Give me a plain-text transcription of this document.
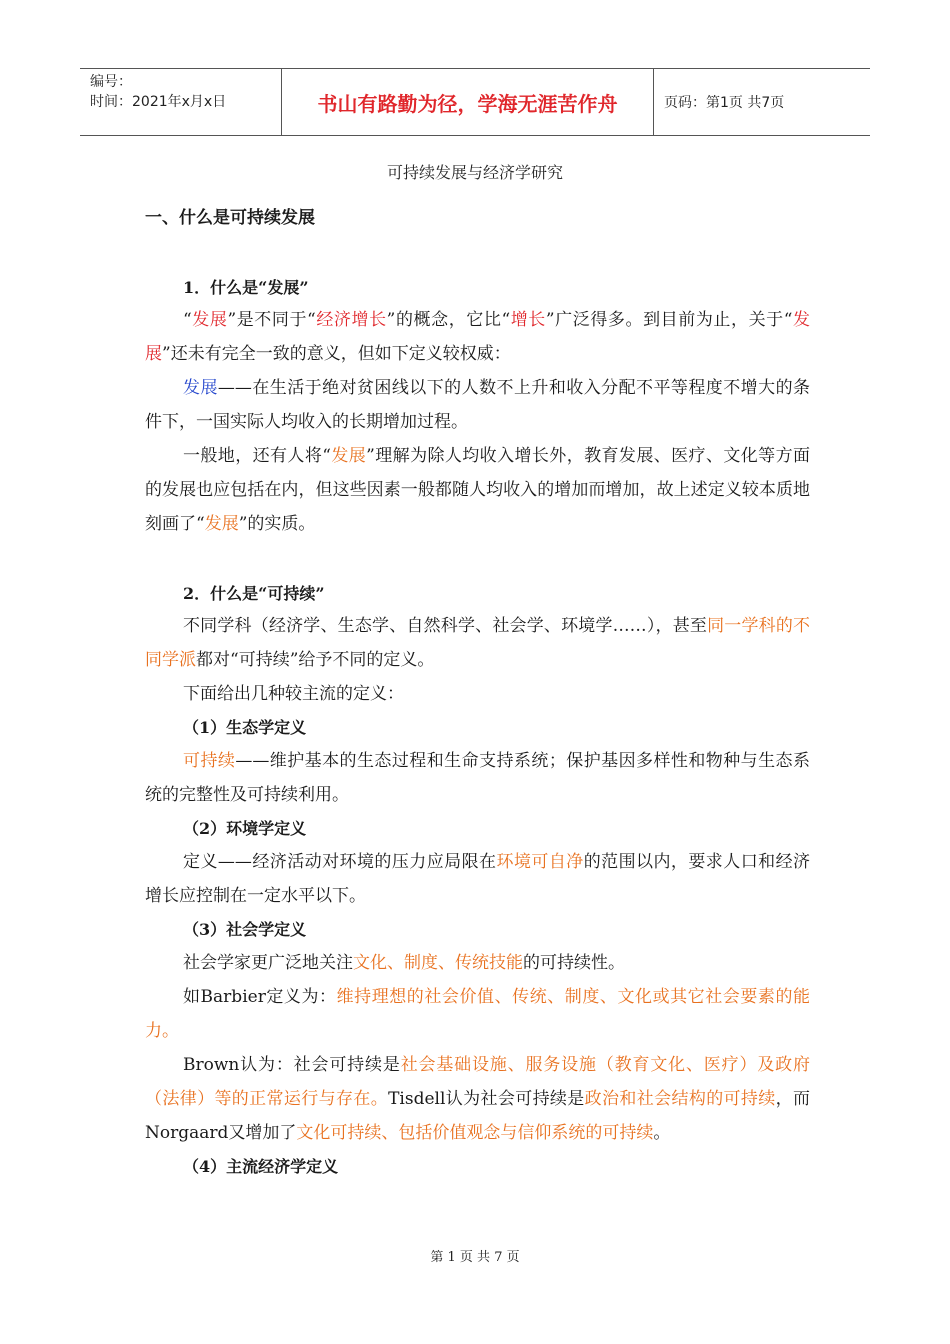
编号：
时间：2021年x月x日	书山有路勤为径，学海无涯苦作舟	页码：第1页 共7页
可持续发展与经济学研究
一、什么是可持续发展
1．什么是“发展”

“发展”是不同于“经济增长”的概念，它比“增长”广泛得多。到目前为止，关于“发展”还未有完全一致的意义，但如下定义较权威：

发展——在生活于绝对贫困线以下的人数不上升和收入分配不平等程度不增大的条件下，一国实际人均收入的长期增加过程。

一般地，还有人将“发展”理解为除人均收入增长外，教育发展、医疗、文化等方面的发展也应包括在内，但这些因素一般都随人均收入的增加而增加，故上述定义较本质地刻画了“发展”的实质。

2．什么是“可持续”

不同学科（经济学、生态学、自然科学、社会学、环境学……），甚至同一学科的不同学派都对“可持续”给予不同的定义。

下面给出几种较主流的定义：

（1）生态学定义

可持续——维护基本的生态过程和生命支持系统；保护基因多样性和物种与生态系统的完整性及可持续利用。

（2）环境学定义

定义——经济活动对环境的压力应局限在环境可自净的范围以内，要求人口和经济增长应控制在一定水平以下。

（3）社会学定义

社会学家更广泛地关注文化、制度、传统技能的可持续性。

如Barbier定义为：维持理想的社会价值、传统、制度、文化或其它社会要素的能力。

Brown认为：社会可持续是社会基础设施、服务设施（教育文化、医疗）及政府（法律）等的正常运行与存在。Tisdell认为社会可持续是政治和社会结构的可持续，而Norgaard又增加了文化可持续、包括价值观念与信仰系统的可持续。

（4）主流经济学定义
第 1 页 共 7 页
